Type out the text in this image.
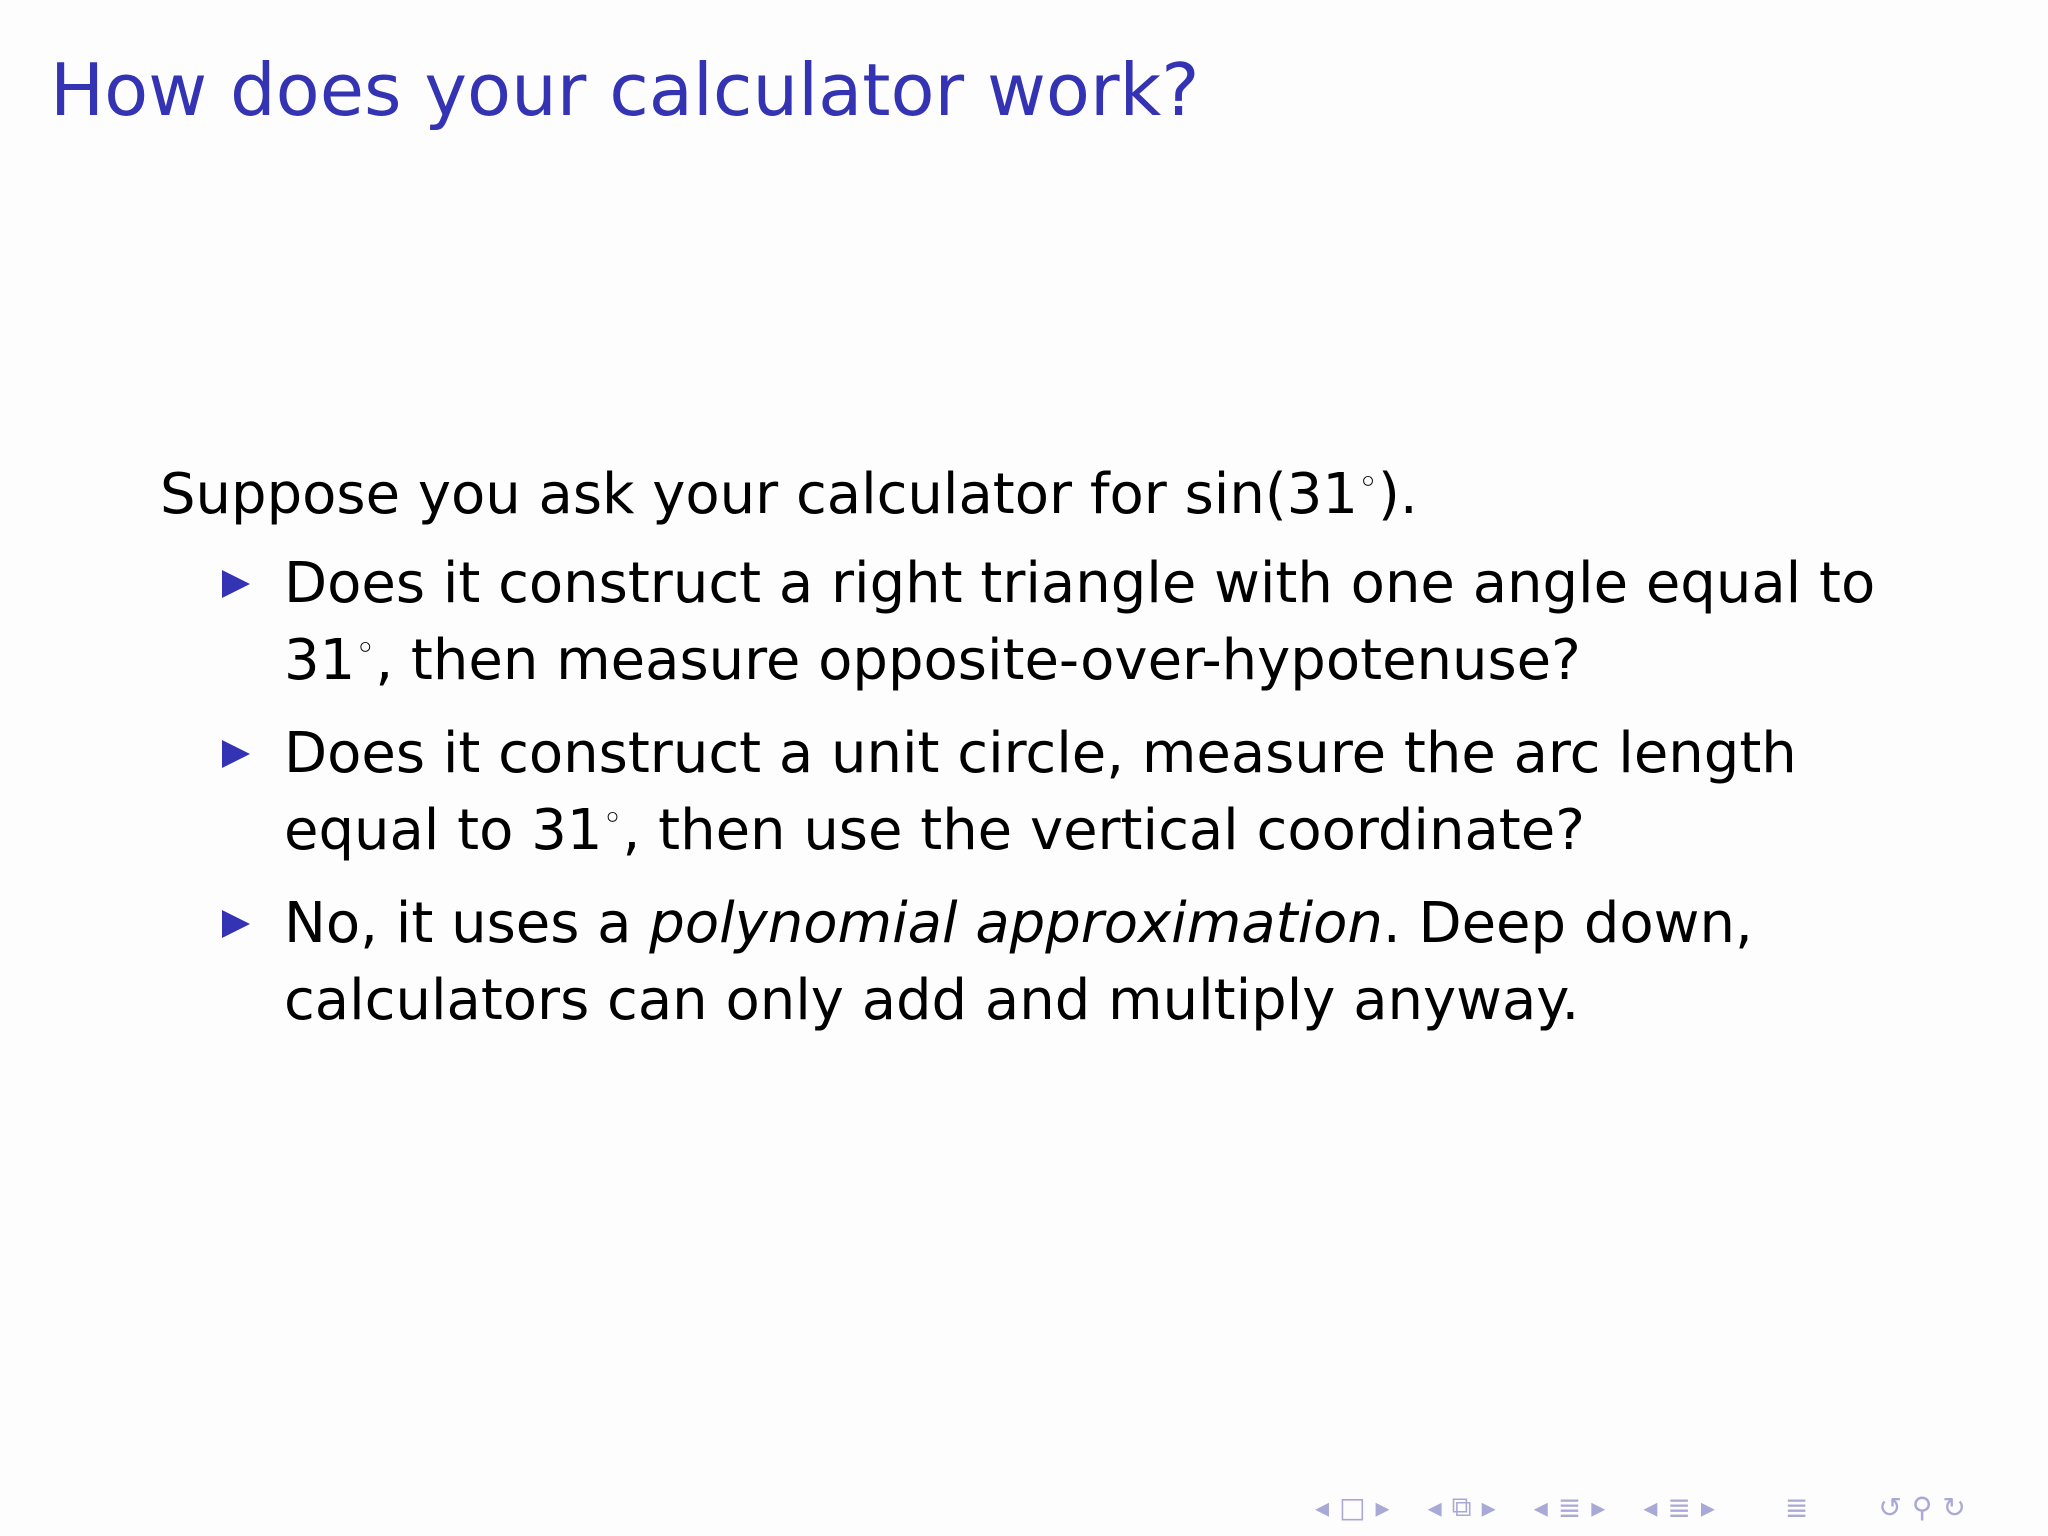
How does your calculator work?

Suppose you ask your calculator for sin(31◦).

Does it construct a right triangle with one angle equal to 31◦, then measure opposite-over-hypotenuse?
Does it construct a unit circle, measure the arc length equal to 31◦, then use the vertical coordinate?
No, it uses a polynomial approximation. Deep down, calculators can only add and multiply anyway.
◂ □ ▸ ◂ ⧉ ▸ ◂ ≣ ▸ ◂ ≣ ▸	≣	↺ ⚲ ↻
